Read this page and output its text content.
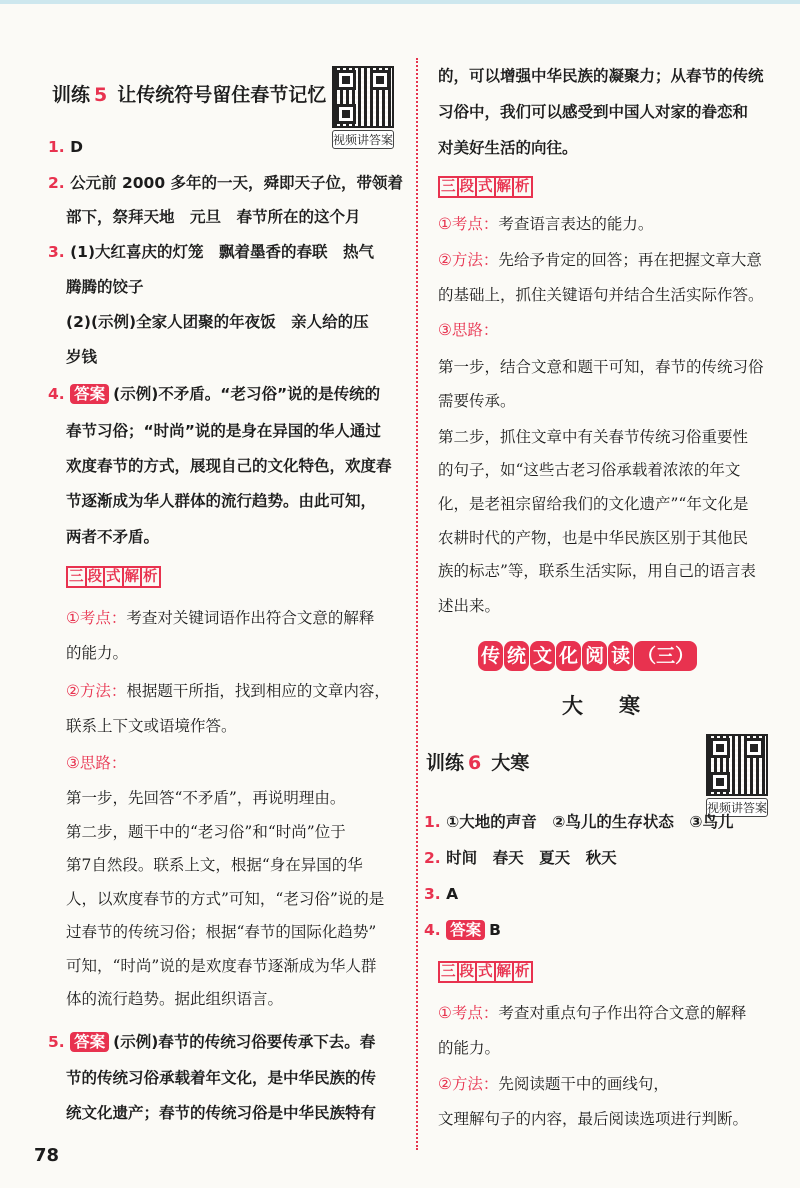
训练 5 让传统符号留住春节记忆
视频讲答案
1. D
2. 公元前 2000 多年的一天，舜即天子位，带领着
部下，祭拜天地　元旦　春节所在的这个月
3. (1)大红喜庆的灯笼　飘着墨香的春联　热气
腾腾的饺子
(2)(示例)全家人团聚的年夜饭　亲人给的压
岁钱
4. 答案 (示例)不矛盾。“老习俗”说的是传统的
春节习俗；“时尚”说的是身在异国的华人通过
欢度春节的方式，展现自己的文化特色，欢度春
节逐渐成为华人群体的流行趋势。由此可知，
两者不矛盾。
三 段 式 解 析
①考点：考查对关键词语作出符合文意的解释
的能力。
②方法：根据题干所指，找到相应的文章内容，
联系上下文或语境作答。
③思路：
第一步，先回答“不矛盾”，再说明理由。
第二步，题干中的“老习俗”和“时尚”位于
第7自然段。联系上文，根据“身在异国的华
人，以欢度春节的方式”可知，“老习俗”说的是
过春节的传统习俗；根据“春节的国际化趋势”
可知，“时尚”说的是欢度春节逐渐成为华人群
体的流行趋势。据此组织语言。
5. 答案 (示例)春节的传统习俗要传承下去。春
节的传统习俗承载着年文化，是中华民族的传
统文化遗产；春节的传统习俗是中华民族特有
78
的，可以增强中华民族的凝聚力；从春节的传统
习俗中，我们可以感受到中国人对家的眷恋和
对美好生活的向往。
三 段 式 解 析
①考点：考查语言表达的能力。
②方法：先给予肯定的回答；再在把握文章大意
的基础上，抓住关键语句并结合生活实际作答。
③思路：
第一步，结合文意和题干可知，春节的传统习俗
需要传承。
第二步，抓住文章中有关春节传统习俗重要性
的句子，如“这些古老习俗承载着浓浓的年文
化，是老祖宗留给我们的文化遗产”“年文化是
农耕时代的产物，也是中华民族区别于其他民
族的标志”等，联系生活实际，用自己的语言表
述出来。
传 统 文 化 阅 读 （三）
大寒
训练 6 大寒
视频讲答案
1. ①大地的声音　②鸟儿的生存状态　③鸟儿
2. 时间　春天　夏天　秋天
3. A
4. 答案 B
三 段 式 解 析
①考点：考查对重点句子作出符合文意的解释
的能力。
②方法：先阅读题干中的画线句，
文理解句子的内容，最后阅读选项进行判断。
